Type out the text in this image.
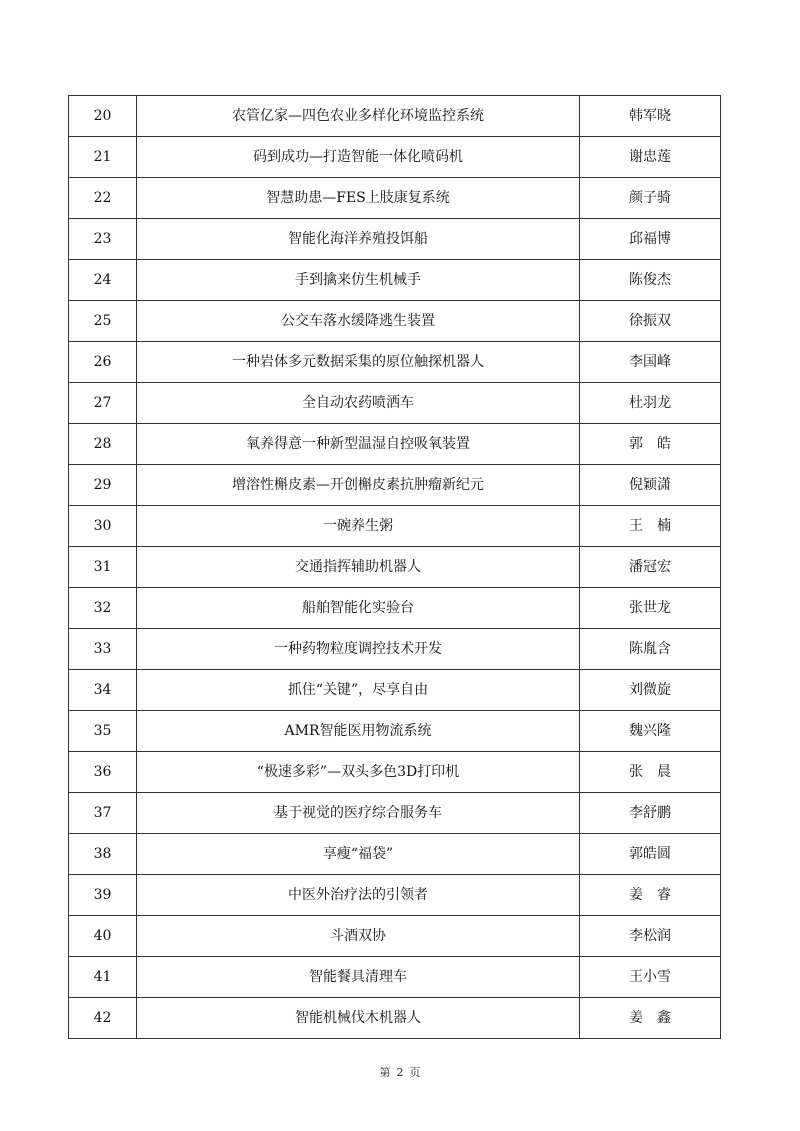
20	农管亿家—四色农业多样化环境监控系统	韩军晓
21	码到成功—打造智能一体化喷码机	谢忠莲
22	智慧助患—FES上肢康复系统	颜子骑
23	智能化海洋养殖投饵船	邱福博
24	手到擒来仿生机械手	陈俊杰
25	公交车落水缓降逃生装置	徐振双
26	一种岩体多元数据采集的原位触探机器人	李国峰
27	全自动农药喷洒车	杜羽龙
28	氧养得意一种新型温湿自控吸氧装置	郭　皓
29	增溶性槲皮素—开创槲皮素抗肿瘤新纪元	倪颖潇
30	一碗养生粥	王　楠
31	交通指挥辅助机器人	潘冠宏
32	船舶智能化实验台	张世龙
33	一种药物粒度调控技术开发	陈胤含
34	抓住“关键”，尽享自由	刘微旋
35	AMR智能医用物流系统	魏兴隆
36	“极速多彩”—双头多色3D打印机	张　晨
37	基于视觉的医疗综合服务车	李舒鹏
38	享瘦“福袋”	郭皓圆
39	中医外治疗法的引领者	姜　睿
40	斗酒双协	李松润
41	智能餐具清理车	王小雪
42	智能机械伐木机器人	姜　鑫
第 2 页
